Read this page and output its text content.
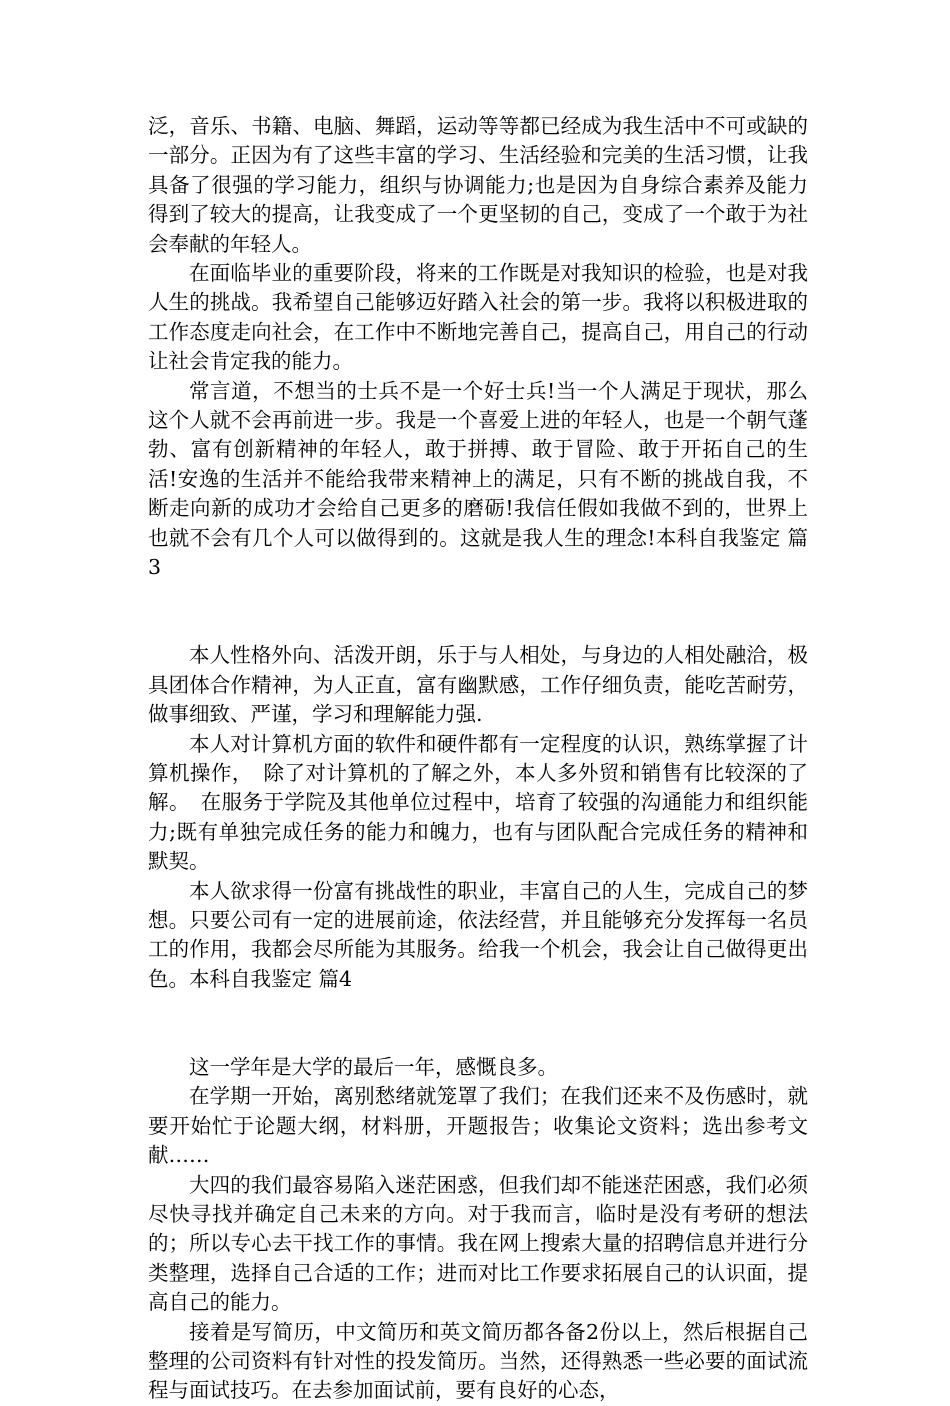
泛，音乐、书籍、电脑、舞蹈，运动等等都已经成为我生活中不可或缺的一部分。正因为有了这些丰富的学习、生活经验和完美的生活习惯，让我具备了很强的学习能力，组织与协调能力;也是因为自身综合素养及能力得到了较大的提高，让我变成了一个更坚韧的自己，变成了一个敢于为社会奉献的年轻人。

在面临毕业的重要阶段，将来的工作既是对我知识的检验，也是对我人生的挑战。我希望自己能够迈好踏入社会的第一步。我将以积极进取的工作态度走向社会，在工作中不断地完善自己，提高自己，用自己的行动让社会肯定我的能力。

常言道，不想当的士兵不是一个好士兵!当一个人满足于现状，那么这个人就不会再前进一步。我是一个喜爱上进的年轻人，也是一个朝气蓬勃、富有创新精神的年轻人，敢于拼搏、敢于冒险、敢于开拓自己的生活!安逸的生活并不能给我带来精神上的满足，只有不断的挑战自我，不断走向新的成功才会给自己更多的磨砺!我信任假如我做不到的，世界上也就不会有几个人可以做得到的。这就是我人生的理念!本科自我鉴定 篇3

本人性格外向、活泼开朗，乐于与人相处，与身边的人相处融洽，极具团体合作精神，为人正直，富有幽默感，工作仔细负责，能吃苦耐劳，做事细致、严谨，学习和理解能力强.

本人对计算机方面的软件和硬件都有一定程度的认识，熟练掌握了计算机操作，　除了对计算机的了解之外，本人多外贸和销售有比较深的了解。　在服务于学院及其他单位过程中，培育了较强的沟通能力和组织能力;既有单独完成任务的能力和魄力，也有与团队配合完成任务的精神和默契。

本人欲求得一份富有挑战性的职业，丰富自己的人生，完成自己的梦想。只要公司有一定的进展前途，依法经营，并且能够充分发挥每一名员工的作用，我都会尽所能为其服务。给我一个机会，我会让自己做得更出色。本科自我鉴定 篇4

这一学年是大学的最后一年，感慨良多。

在学期一开始，离别愁绪就笼罩了我们；在我们还来不及伤感时，就要开始忙于论题大纲，材料册，开题报告；收集论文资料；选出参考文献……

大四的我们最容易陷入迷茫困惑，但我们却不能迷茫困惑，我们必须尽快寻找并确定自己未来的方向。对于我而言，临时是没有考研的想法的；所以专心去干找工作的事情。我在网上搜索大量的招聘信息并进行分类整理，选择自己合适的工作；进而对比工作要求拓展自己的认识面，提高自己的能力。

接着是写简历，中文简历和英文简历都各备2份以上，然后根据自己整理的公司资料有针对性的投发简历。当然，还得熟悉一些必要的面试流程与面试技巧。在去参加面试前，要有良好的心态，
